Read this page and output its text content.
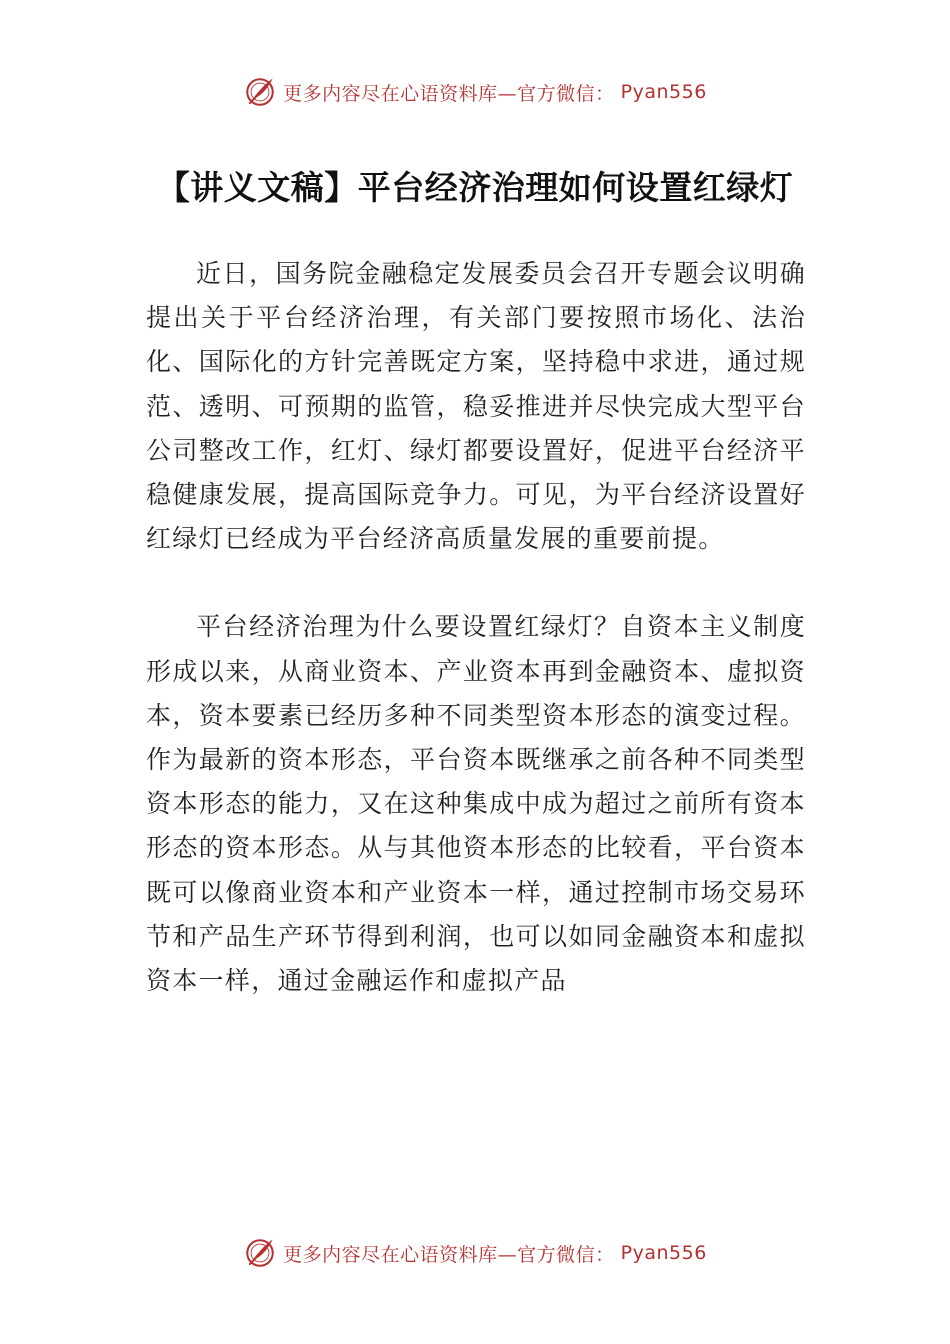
更多内容尽在心语资料库—官方微信： Pyan556
【讲义文稿】平台经济治理如何设置红绿灯

近日，国务院金融稳定发展委员会召开专题会议明确提出关于平台经济治理，有关部门要按照市场化、法治化、国际化的方针完善既定方案，坚持稳中求进，通过规范、透明、可预期的监管，稳妥推进并尽快完成大型平台公司整改工作，红灯、绿灯都要设置好，促进平台经济平稳健康发展，提高国际竞争力。可见，为平台经济设置好红绿灯已经成为平台经济高质量发展的重要前提。

平台经济治理为什么要设置红绿灯？自资本主义制度形成以来，从商业资本、产业资本再到金融资本、虚拟资本，资本要素已经历多种不同类型资本形态的演变过程。作为最新的资本形态，平台资本既继承之前各种不同类型资本形态的能力，又在这种集成中成为超过之前所有资本形态的资本形态。从与其他资本形态的比较看，平台资本既可以像商业资本和产业资本一样，通过控制市场交易环节和产品生产环节得到利润，也可以如同金融资本和虚拟资本一样，通过金融运作和虚拟产品

更多内容尽在心语资料库—官方微信： Pyan556
